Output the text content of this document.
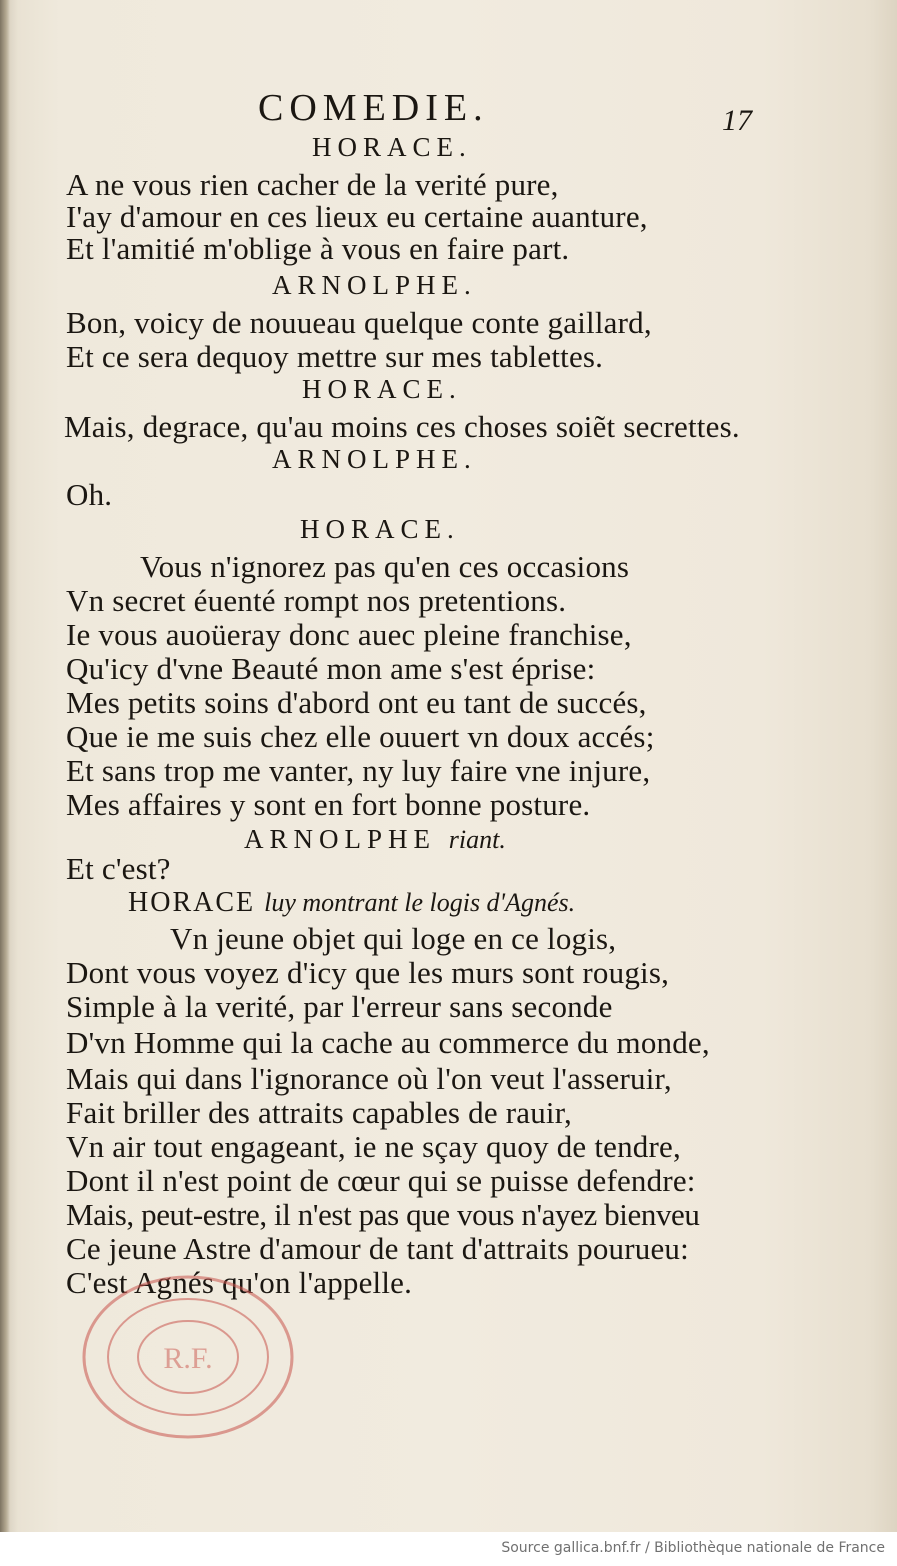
COMEDIE.	17
HORACE.
A ne vous rien cacher de la verité pure,
I'ay d'amour en ces lieux eu certaine auanture,
Et l'amitié m'oblige à vous en faire part.
ARNOLPHE.
Bon, voicy de nouueau quelque conte gaillard,
Et ce sera dequoy mettre sur mes tablettes.
HORACE.
Mais, degrace, qu'au moins ces choses soiẽt secrettes.
ARNOLPHE.
Oh.
HORACE.
Vous n'ignorez pas qu'en ces occasions
Vn secret éuenté rompt nos pretentions.
Ie vous auoüeray donc auec pleine franchise,
Qu'icy d'vne Beauté mon ame s'est éprise:
Mes petits soins d'abord ont eu tant de succés,
Que ie me suis chez elle ouuert vn doux accés;
Et sans trop me vanter, ny luy faire vne injure,
Mes affaires y sont en fort bonne posture.
ARNOLPHE riant.
Et c'est?
HORACE luy montrant le logis d'Agnés.
Vn jeune objet qui loge en ce logis,
Dont vous voyez d'icy que les murs sont rougis,
Simple à la verité, par l'erreur sans seconde
D'vn Homme qui la cache au commerce du monde,
Mais qui dans l'ignorance où l'on veut l'asseruir,
Fait briller des attraits capables de rauir,
Vn air tout engageant, ie ne sçay quoy de tendre,
Dont il n'est point de cœur qui se puisse defendre:
Mais, peut-estre, il n'est pas que vous n'ayez bienveu
Ce jeune Astre d'amour de tant d'attraits pourueu:
C'est Agnés qu'on l'appelle.
R.F.
Source gallica.bnf.fr / Bibliothèque nationale de France
